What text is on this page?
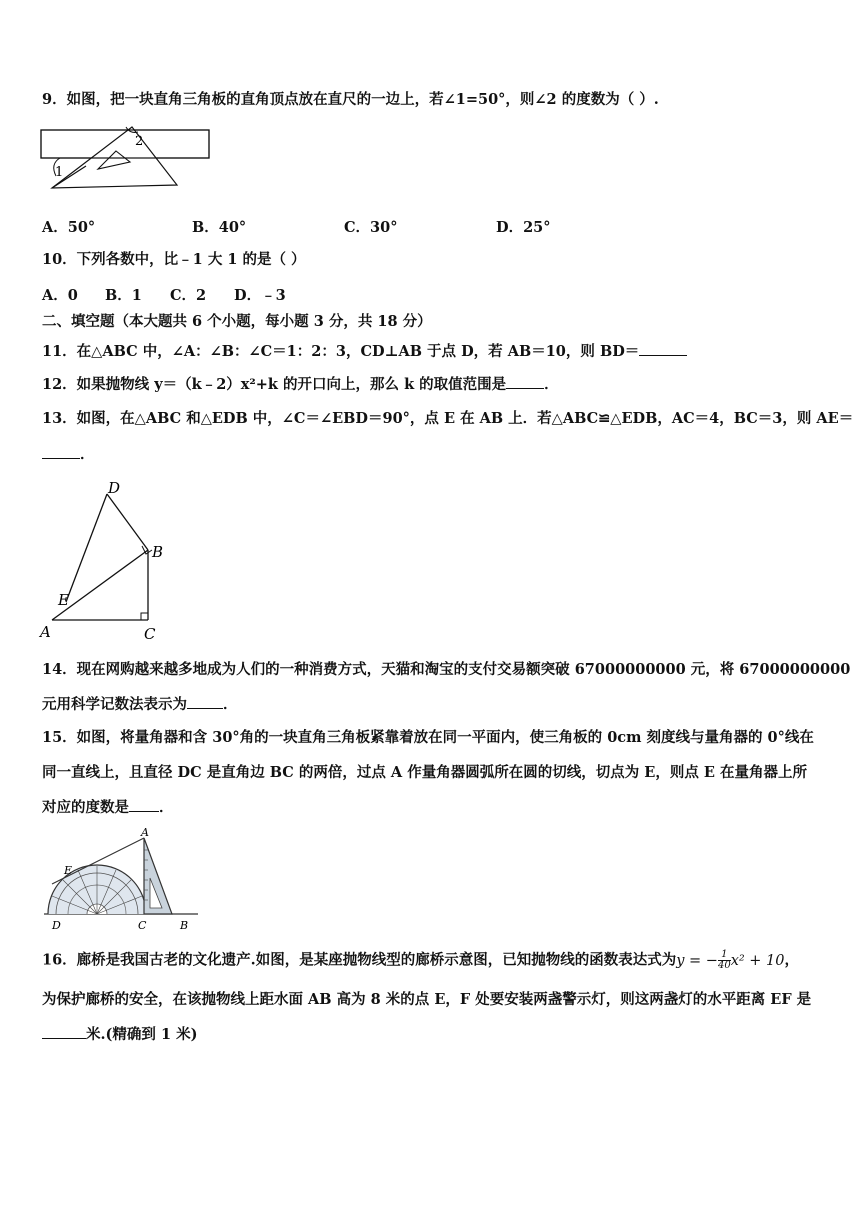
9．如图，把一块直角三角板的直角顶点放在直尺的一边上，若∠1=50°，则∠2 的度数为（ ）.
2
1
A．50°	B．40°	C．30°	D．25°
10．下列各数中，比﹣1 大 1 的是（ ）
A．0 B．1 C．2 D．﹣3
二、填空题（本大题共 6 个小题，每小题 3 分，共 18 分）
11．在△ABC 中，∠A：∠B：∠C＝1：2：3，CD⊥AB 于点 D，若 AB＝10，则 BD＝
12．如果抛物线 y＝（k﹣2）x²+k 的开口向上，那么 k 的取值范围是	．
13．如图，在△ABC 和△EDB 中，∠C＝∠EBD＝90°，点 E 在 AB 上．若△ABC≌△EDB，AC＝4，BC＝3，则 AE＝
．
D
B
E
A	C
14．现在网购越来越多地成为人们的一种消费方式，天猫和淘宝的支付交易额突破 67000000000 元，将 67000000000
元用科学记数法表示为 ．
15．如图，将量角器和含 30°角的一块直角三角板紧靠着放在同一平面内，使三角板的 0cm 刻度线与量角器的 0°线在
同一直线上，且直径 DC 是直角边 BC 的两倍，过点 A 作量角器圆弧所在圆的切线，切点为 E，则点 E 在量角器上所
对应的度数是 ．
A
E
D	C	B
16．廊桥是我国古老的文化遗产.如图，是某座抛物线型的廊桥示意图，已知抛物线的函数表达式为y = − $\frac{1}{40} x^2 + 10$，
为保护廊桥的安全，在该抛物线上距水面 AB 高为 8 米的点 E，F 处要安装两盏警示灯，则这两盏灯的水平距离 EF 是
米.(精确到 1 米)
